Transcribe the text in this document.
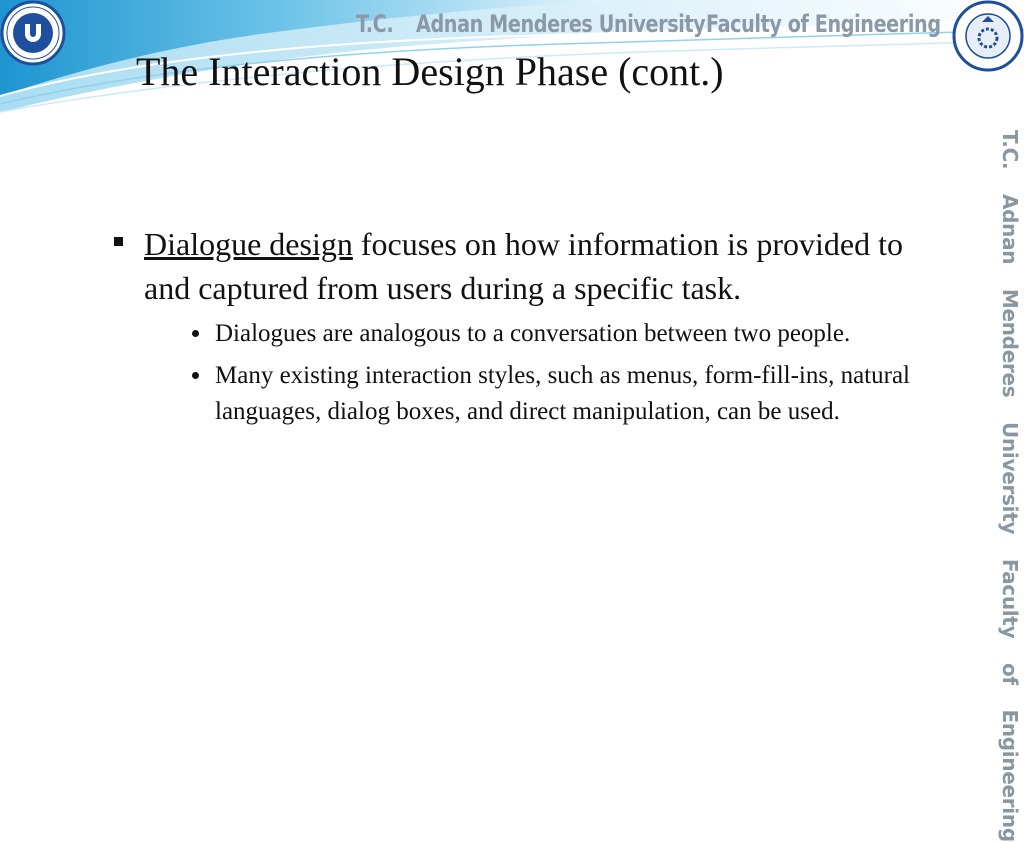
T.C. Adnan Menderes University Faculty of Engineering
T.C. Adnan Menderes University Faculty of Engineering
The Interaction Design Phase (cont.)
Dialogue design focuses on how information is provided to and captured from users during a specific task.
Dialogues are analogous to a conversation between two people.
Many existing interaction styles, such as menus, form-fill-ins, natural languages, dialog boxes, and direct manipulation, can be used.
